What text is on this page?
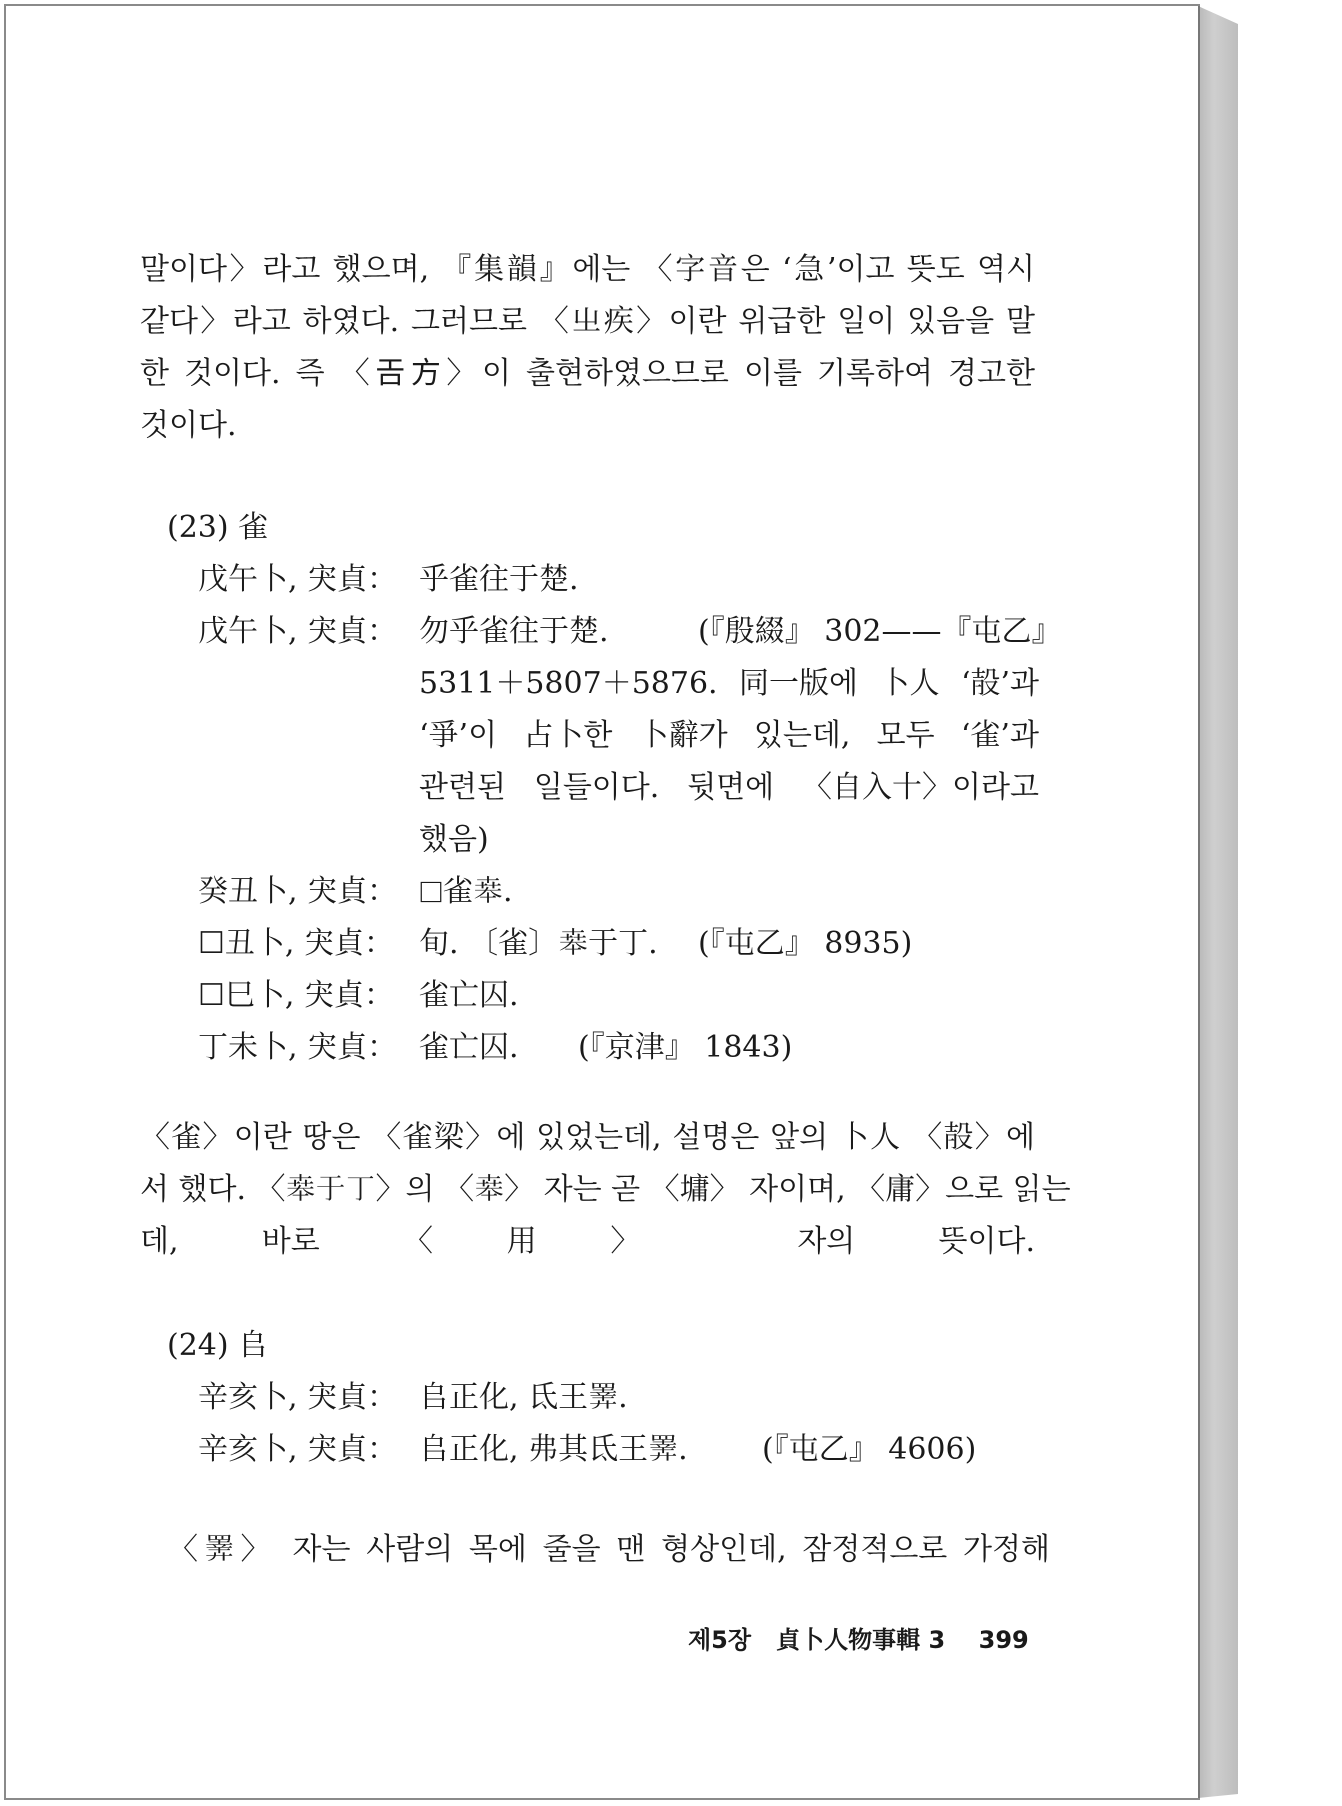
말이다〉라고 했으며, 『集韻』에는 〈字音은 ‘急’이고 뜻도 역시
같다〉라고 하였다. 그러므로 〈㞢疾〉이란 위급한 일이 있음을 말
한 것이다. 즉 〈𢀛方〉이 출현하였으므로 이를 기록하여 경고한
것이다.
(23) 雀
戊午卜, 宊貞： 乎雀往于楚.
戊午卜, 宊貞： 勿乎雀往于楚.	(『殷綴』 302——『屯乙』
5311＋5807＋5876. 同一版에 卜人 ‘㱿’과
‘爭’이 占卜한 卜辭가 있는데, 모두 ‘雀’과
관련된 일들이다. 뒷면에 〈自入十〉이라고
했음)
癸丑卜, 宊貞： ☐雀𠦪.
☐丑卜, 宊貞： 旬. 〔雀〕𠦪于丁. (『屯乙』 8935)
☐巳卜, 宊貞： 雀亡囚.
丁未卜, 宊貞： 雀亡囚. (『京津』 1843)
〈雀〉이란 땅은 〈雀梁〉에 있었는데, 설명은 앞의 卜人 〈㱿〉에
서 했다. 〈𠦪于丁〉의 〈𠦪〉 자는 곧 〈墉〉 자이며, 〈庸〉으로 읽는
데, 바로 〈用〉 자의 뜻이다.
(24) 𠂤
辛亥卜, 宊貞： 𠂤正化, 氐王𢍰.
辛亥卜, 宊貞： 𠂤正化, 弗其氐王𢍰. (『屯乙』 4606)
〈𢍰〉 자는 사람의 목에 줄을 맨 형상인데, 잠정적으로 가정해
제5장 貞卜人物事輯 3 399
